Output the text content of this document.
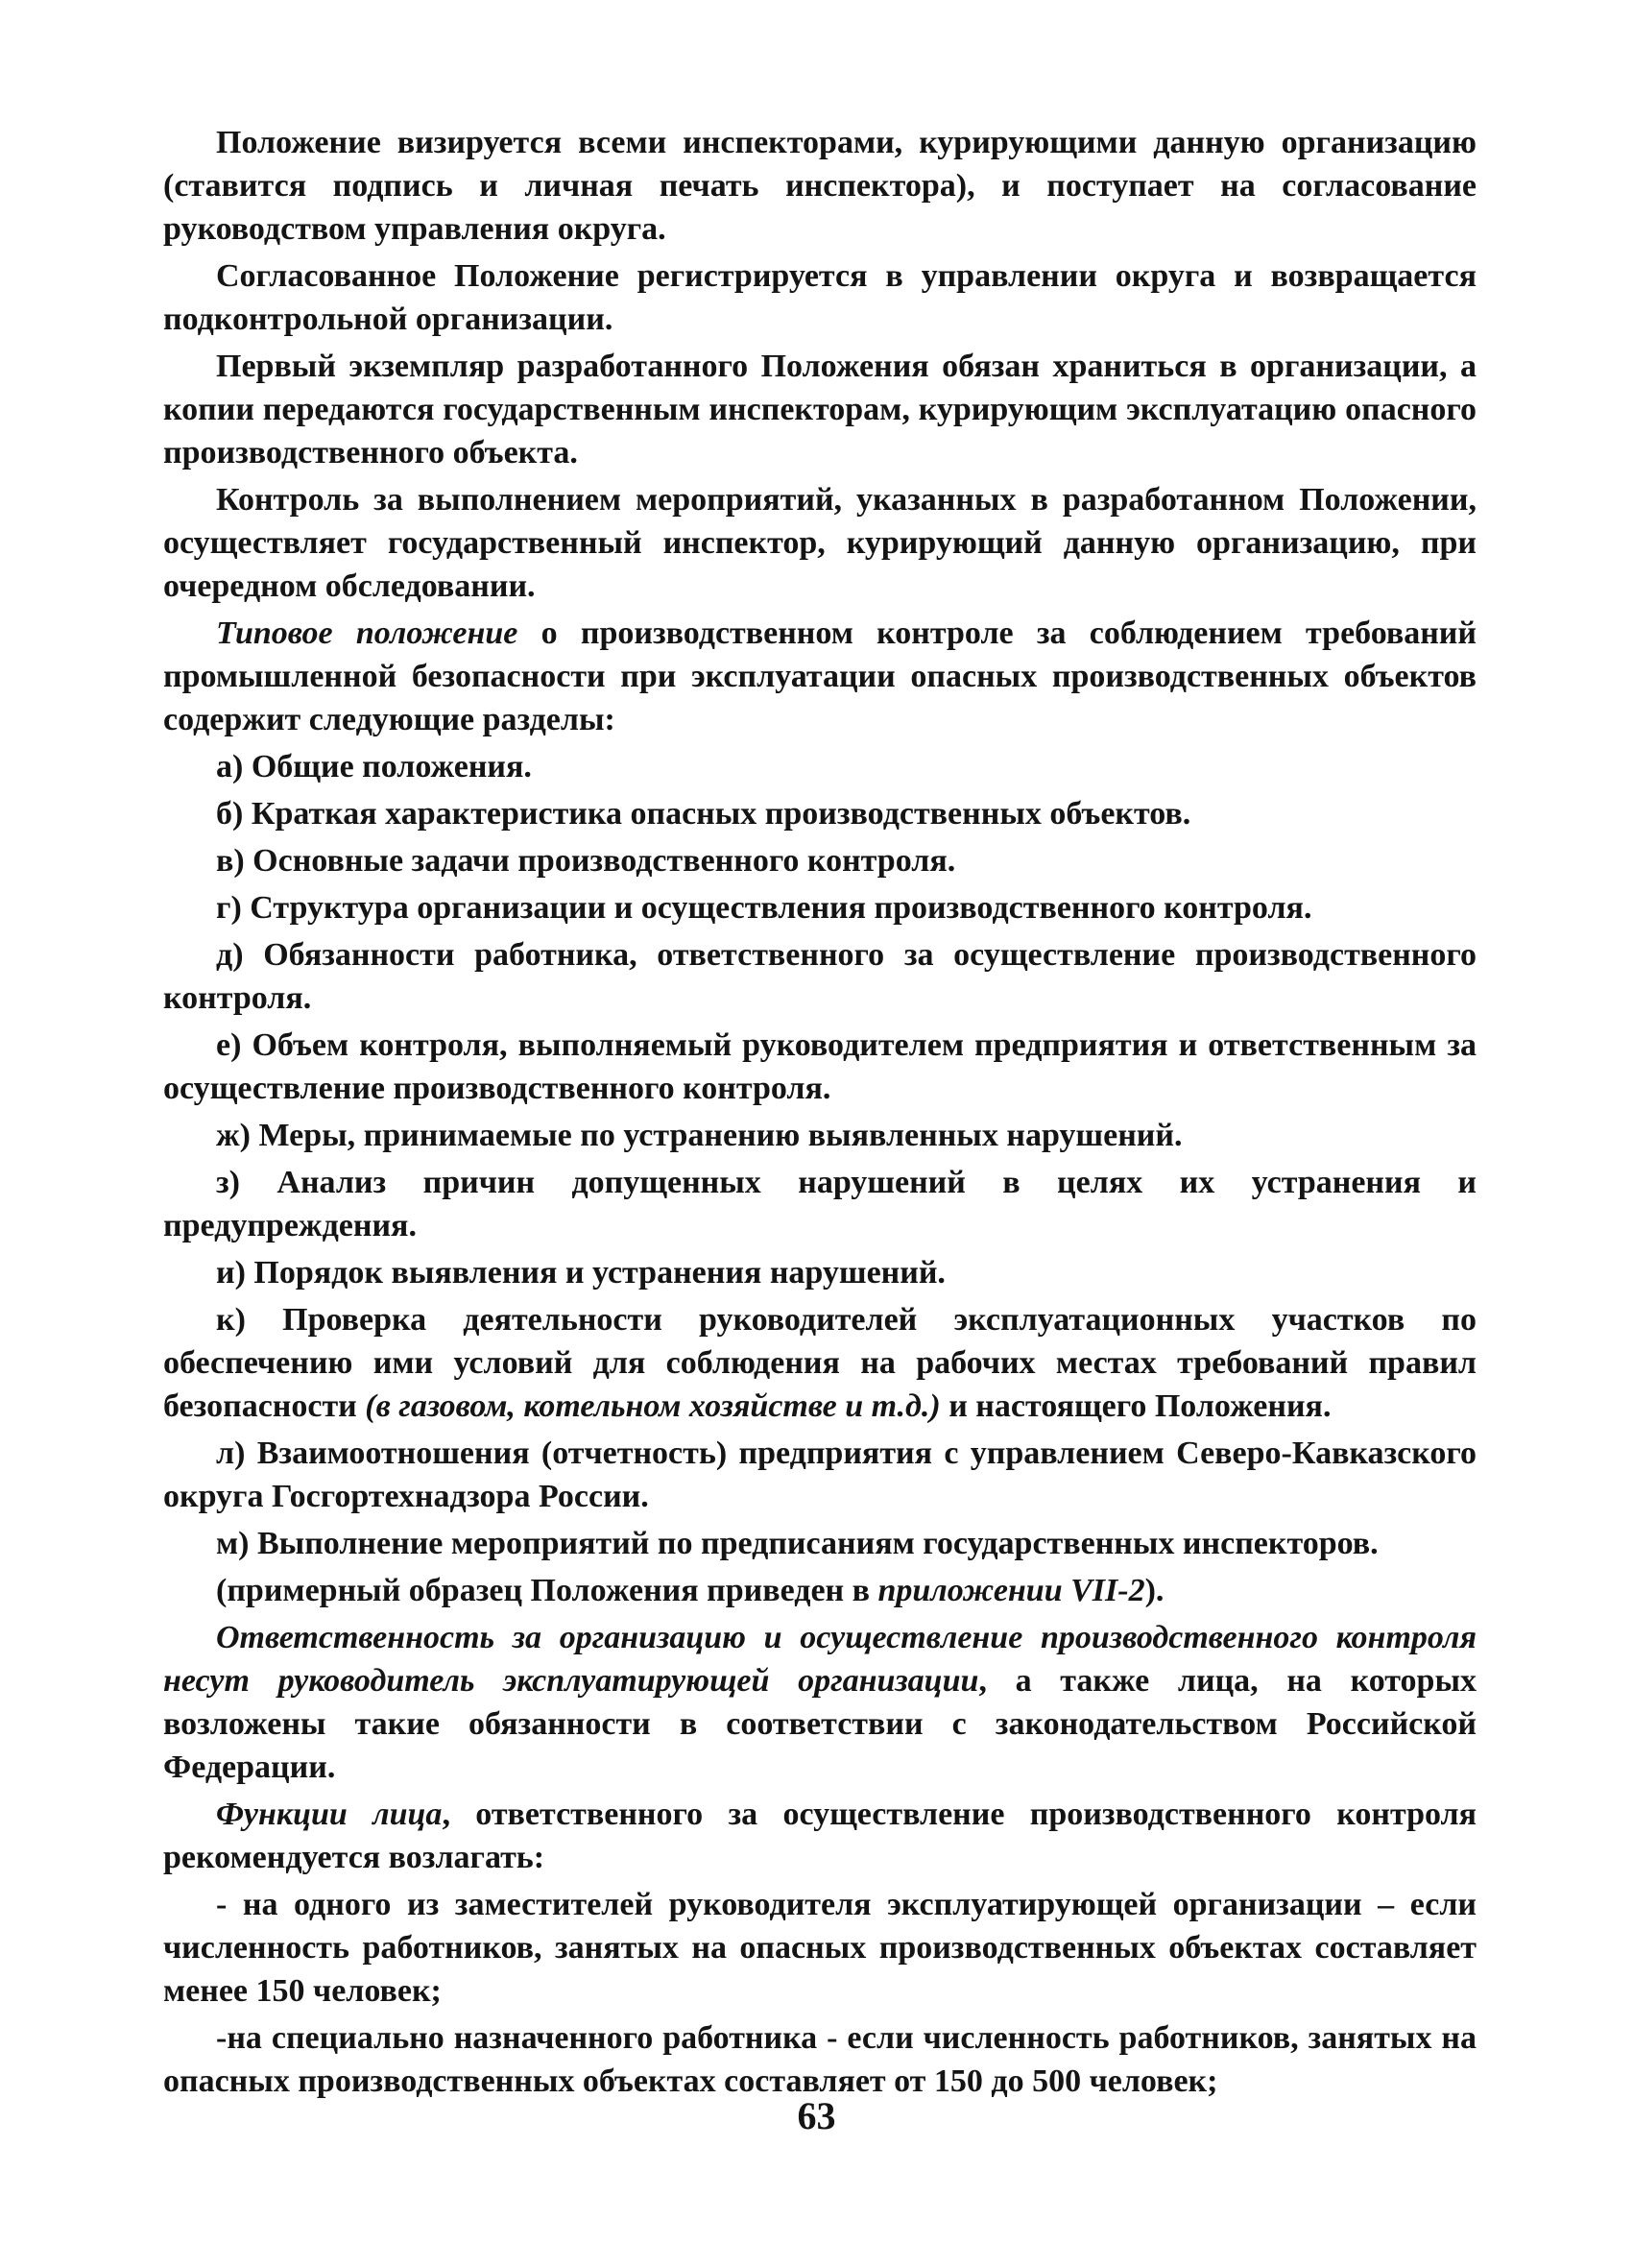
Положение визируется всеми инспекторами, курирующими данную организацию (ставится подпись и личная печать инспектора), и поступает на согласование руководством управления округа.

Согласованное Положение регистрируется в управлении округа и возвращается подконтрольной организации.

Первый экземпляр разработанного Положения обязан храниться в организации, а копии передаются государственным инспекторам, курирующим эксплуатацию опасного производственного объекта.

Контроль за выполнением мероприятий, указанных в разработанном Положении, осуществляет государственный инспектор, курирующий данную организацию, при очередном обследовании.

Типовое положение о производственном контроле за соблюдением требований промышленной безопасности при эксплуатации опасных производственных объектов содержит следующие разделы:

а) Общие положения.

б) Краткая характеристика опасных производственных объектов.

в) Основные задачи производственного контроля.

г) Структура организации и осуществления производственного контроля.

д) Обязанности работника, ответственного за осуществление производственного контроля.

е) Объем контроля, выполняемый руководителем предприятия и ответственным за осуществление производственного контроля.

ж) Меры, принимаемые по устранению выявленных нарушений.

з) Анализ причин допущенных нарушений в целях их устранения и предупреждения.

и) Порядок выявления и устранения нарушений.

к) Проверка деятельности руководителей эксплуатационных участков по обеспечению ими условий для соблюдения на рабочих местах требований правил безопасности (в газовом, котельном хозяйстве и т.д.) и настоящего Положения.

л) Взаимоотношения (отчетность) предприятия с управлением Северо-Кавказского округа Госгортехнадзора России.

м) Выполнение мероприятий по предписаниям государственных инспекторов.

(примерный образец Положения приведен в приложении VII-2).

Ответственность за организацию и осуществление производственного контроля несут руководитель эксплуатирующей организации, а также лица, на которых возложены такие обязанности в соответствии с законодательством Российской Федерации.

Функции лица, ответственного за осуществление производственного контроля рекомендуется возлагать:

- на одного из заместителей руководителя эксплуатирующей организации – если численность работников, занятых на опасных производственных объектах составляет менее 150 человек;

-на специально назначенного работника - если численность работников, занятых на опасных производственных объектах составляет от 150 до 500 человек;

63
